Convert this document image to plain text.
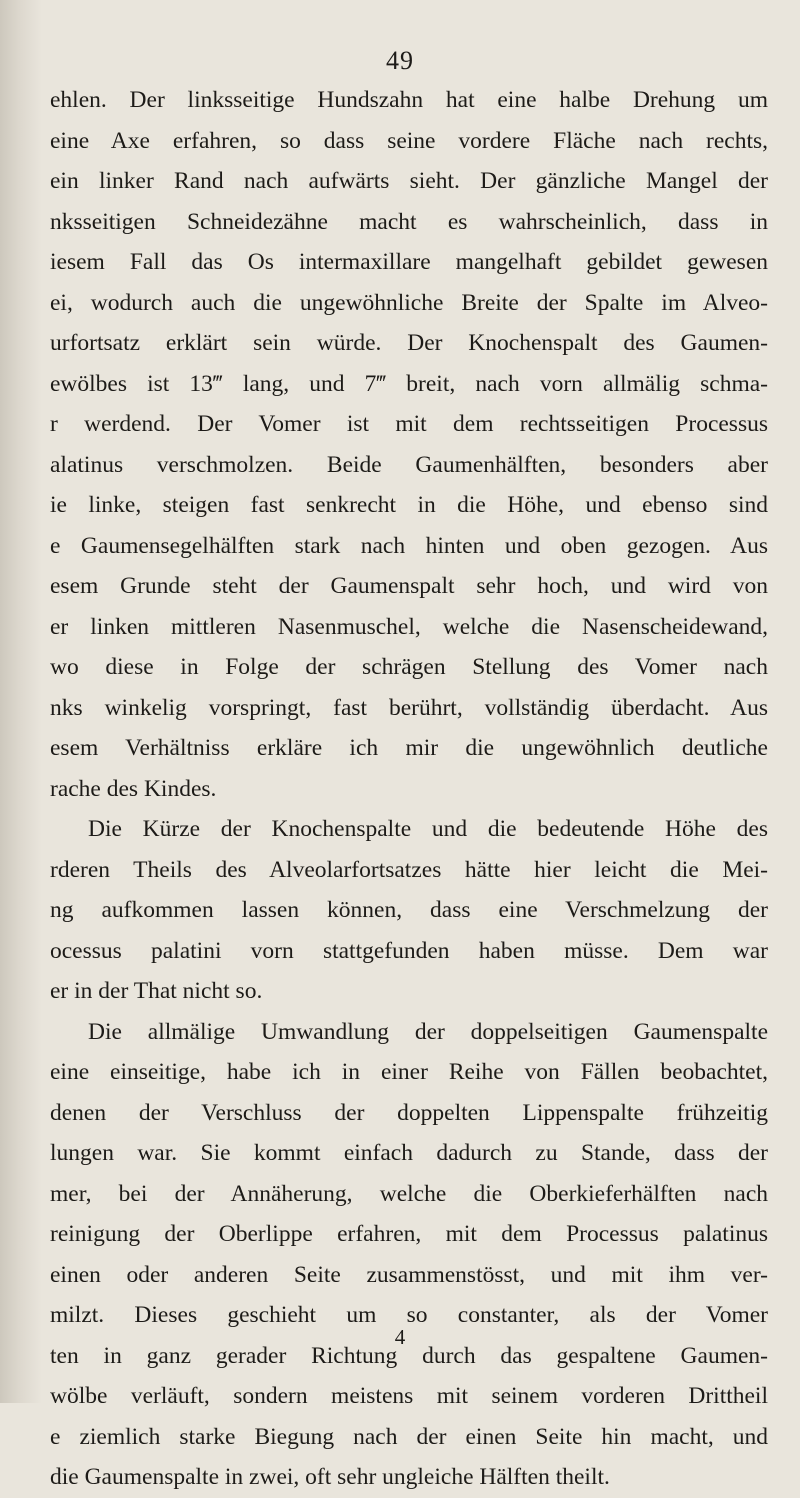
49
ehlen. Der linksseitige Hundszahn hat eine halbe Drehung um
eine Axe erfahren, so dass seine vordere Fläche nach rechts,
ein linker Rand nach aufwärts sieht. Der gänzliche Mangel der
nksseitigen Schneidezähne macht es wahrscheinlich, dass in
iesem Fall das Os intermaxillare mangelhaft gebildet gewesen
ei, wodurch auch die ungewöhnliche Breite der Spalte im Alveo-
urfortsatz erklärt sein würde. Der Knochenspalt des Gaumen-
ewölbes ist 13‴ lang, und 7‴ breit, nach vorn allmälig schma-
r werdend. Der Vomer ist mit dem rechtsseitigen Processus
alatinus verschmolzen. Beide Gaumenhälften, besonders aber
ie linke, steigen fast senkrecht in die Höhe, und ebenso sind
e Gaumensegelhälften stark nach hinten und oben gezogen. Aus
esem Grunde steht der Gaumenspalt sehr hoch, und wird von
er linken mittleren Nasenmuschel, welche die Nasenscheidewand,
wo diese in Folge der schrägen Stellung des Vomer nach
nks winkelig vorspringt, fast berührt, vollständig überdacht. Aus
esem Verhältniss erkläre ich mir die ungewöhnlich deutliche
rache des Kindes.
Die Kürze der Knochenspalte und die bedeutende Höhe des
rderen Theils des Alveolarfortsatzes hätte hier leicht die Mei-
ng aufkommen lassen können, dass eine Verschmelzung der
ocessus palatini vorn stattgefunden haben müsse. Dem war
er in der That nicht so.
Die allmälige Umwandlung der doppelseitigen Gaumenspalte
eine einseitige, habe ich in einer Reihe von Fällen beobachtet,
denen der Verschluss der doppelten Lippenspalte frühzeitig
lungen war. Sie kommt einfach dadurch zu Stande, dass der
mer, bei der Annäherung, welche die Oberkieferhälften nach
reinigung der Oberlippe erfahren, mit dem Processus palatinus
einen oder anderen Seite zusammenstösst, und mit ihm ver-
milzt. Dieses geschieht um so constanter, als der Vomer
ten in ganz gerader Richtung durch das gespaltene Gaumen-
wölbe verläuft, sondern meistens mit seinem vorderen Drittheil
e ziemlich starke Biegung nach der einen Seite hin macht, und
die Gaumenspalte in zwei, oft sehr ungleiche Hälften theilt.
4
